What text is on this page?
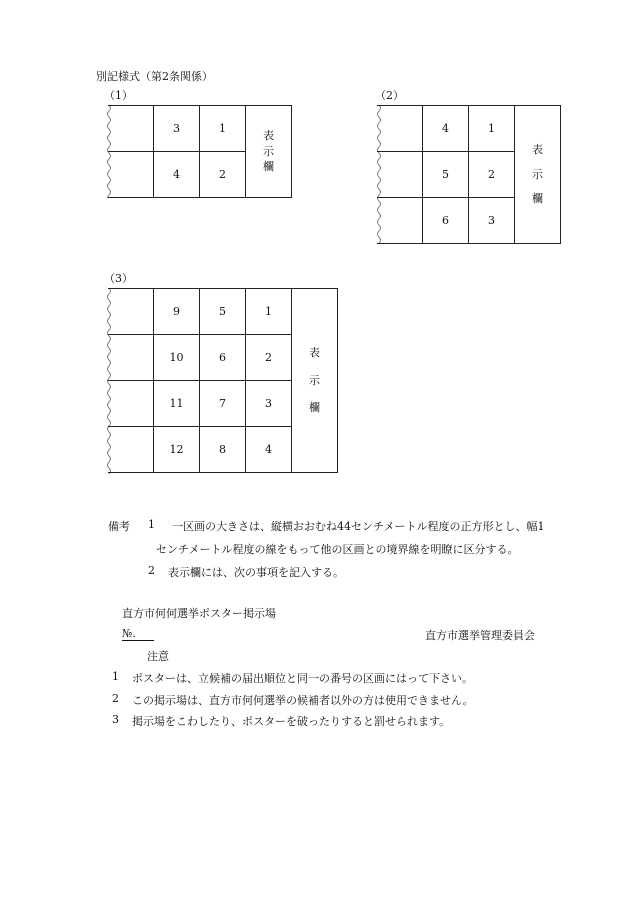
別記様式（第2条関係）
（1）
	3	1	表
示
欄

	4	2	
（2）
	4	1	表
示
欄

	5	2	
	6	3	
（3）
	9	5	1	表
示
欄

	10	6	2	
	11	7	3	
	12	8	4	
備考 1 一区画の大きさは、縦横おおむね44センチメートル程度の正方形とし、幅1
センチメートル程度の線をもって他の区画との境界線を明瞭に区分する。
2 表示欄には、次の事項を記入する。
直方市何何選挙ポスター掲示場
№.	直方市選挙管理委員会
注意
1 ポスターは、立候補の届出順位と同一の番号の区画にはって下さい。
2 この掲示場は、直方市何何選挙の候補者以外の方は使用できません。
3 掲示場をこわしたり、ポスターを破ったりすると罰せられます。
